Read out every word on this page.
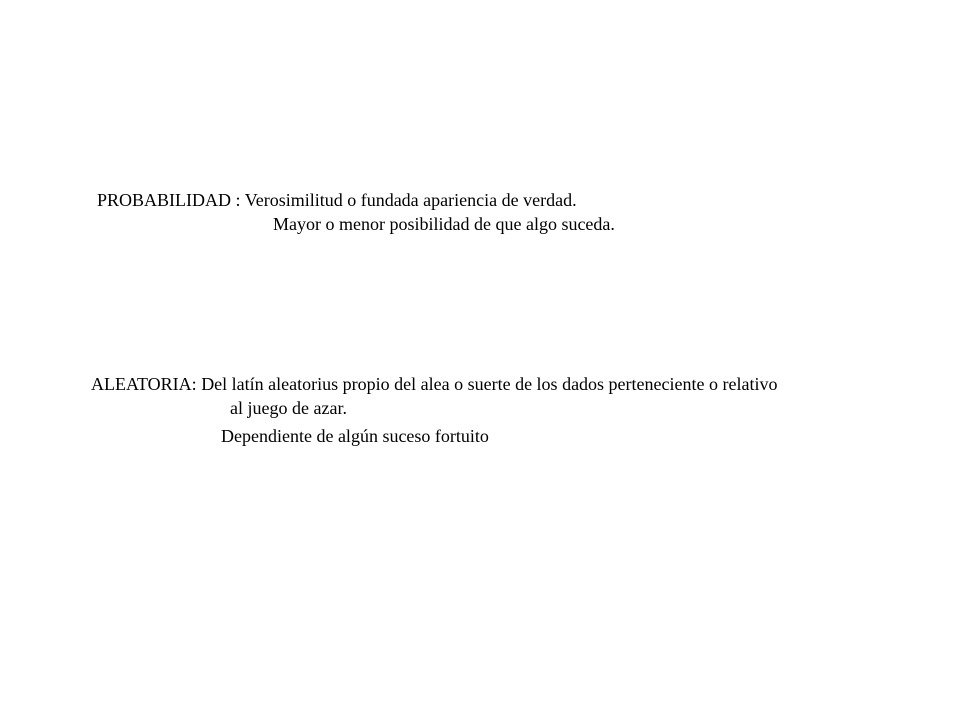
PROBABILIDAD : Verosimilitud o fundada apariencia de verdad.
Mayor o menor posibilidad de que algo suceda.
ALEATORIA: Del latín aleatorius propio del alea o suerte de los dados perteneciente o relativo
al juego de azar.
Dependiente de algún suceso fortuito
